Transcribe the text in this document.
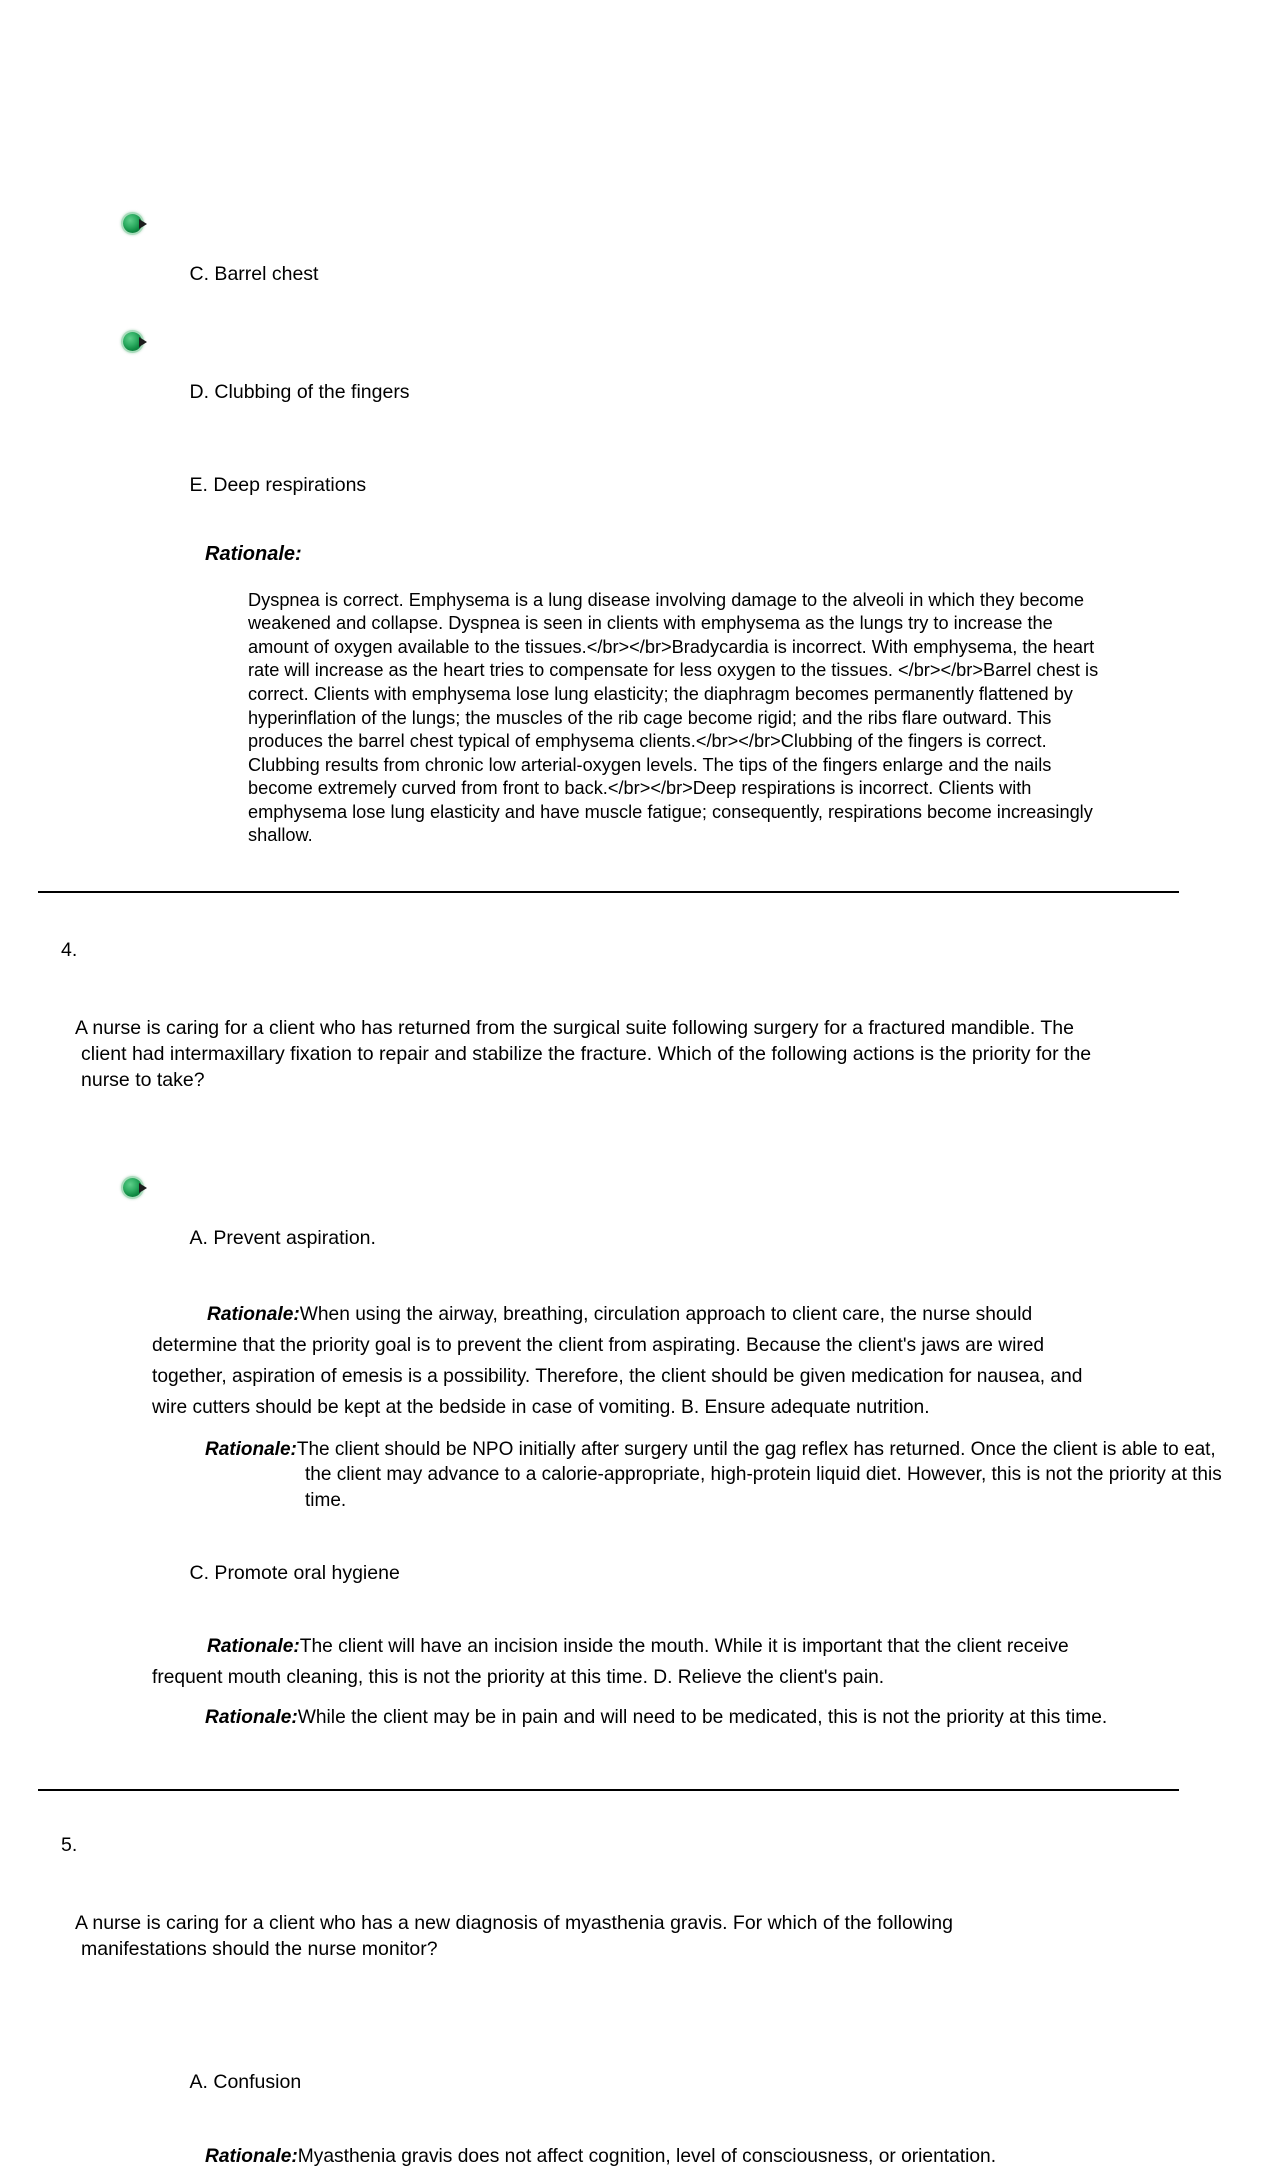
C. Barrel chest

D. Clubbing of the fingers

E. Deep respirations

Rationale:
Dyspnea is correct. Emphysema is a lung disease involving damage to the alveoli in which they become weakened and collapse. Dyspnea is seen in clients with emphysema as the lungs try to increase the amount of oxygen available to the tissues.</br></br>Bradycardia is incorrect. With emphysema, the heart rate will increase as the heart tries to compensate for less oxygen to the tissues. </br></br>Barrel chest is correct. Clients with emphysema lose lung elasticity; the diaphragm becomes permanently flattened by hyperinflation of the lungs; the muscles of the rib cage become rigid; and the ribs flare outward. This produces the barrel chest typical of emphysema clients.</br></br>Clubbing of the fingers is correct. Clubbing results from chronic low arterial-oxygen levels. The tips of the fingers enlarge and the nails become extremely curved from front to back.</br></br>Deep respirations is incorrect. Clients with emphysema lose lung elasticity and have muscle fatigue; consequently, respirations become increasingly shallow.

4.

A nurse is caring for a client who has returned from the surgical suite following surgery for a fractured mandible. The client had intermaxillary fixation to repair and stabilize the fracture. Which of the following actions is the priority for the nurse to take?

A. Prevent aspiration.

Rationale:When using the airway, breathing, circulation approach to client care, the nurse should determine that the priority goal is to prevent the client from aspirating. Because the client's jaws are wired together, aspiration of emesis is a possibility. Therefore, the client should be given medication for nausea, and wire cutters should be kept at the bedside in case of vomiting. B. Ensure adequate nutrition.
Rationale:The client should be NPO initially after surgery until the gag reflex has returned. Once the client is able to eat, the client may advance to a calorie-appropriate, high-protein liquid diet. However, this is not the priority at this time.

C. Promote oral hygiene

Rationale:The client will have an incision inside the mouth. While it is important that the client receive frequent mouth cleaning, this is not the priority at this time. D. Relieve the client's pain.
Rationale:While the client may be in pain and will need to be medicated, this is not the priority at this time.

5.

A nurse is caring for a client who has a new diagnosis of myasthenia gravis. For which of the following manifestations should the nurse monitor?

A. Confusion

Rationale:Myasthenia gravis does not affect cognition, level of consciousness, or orientation.
